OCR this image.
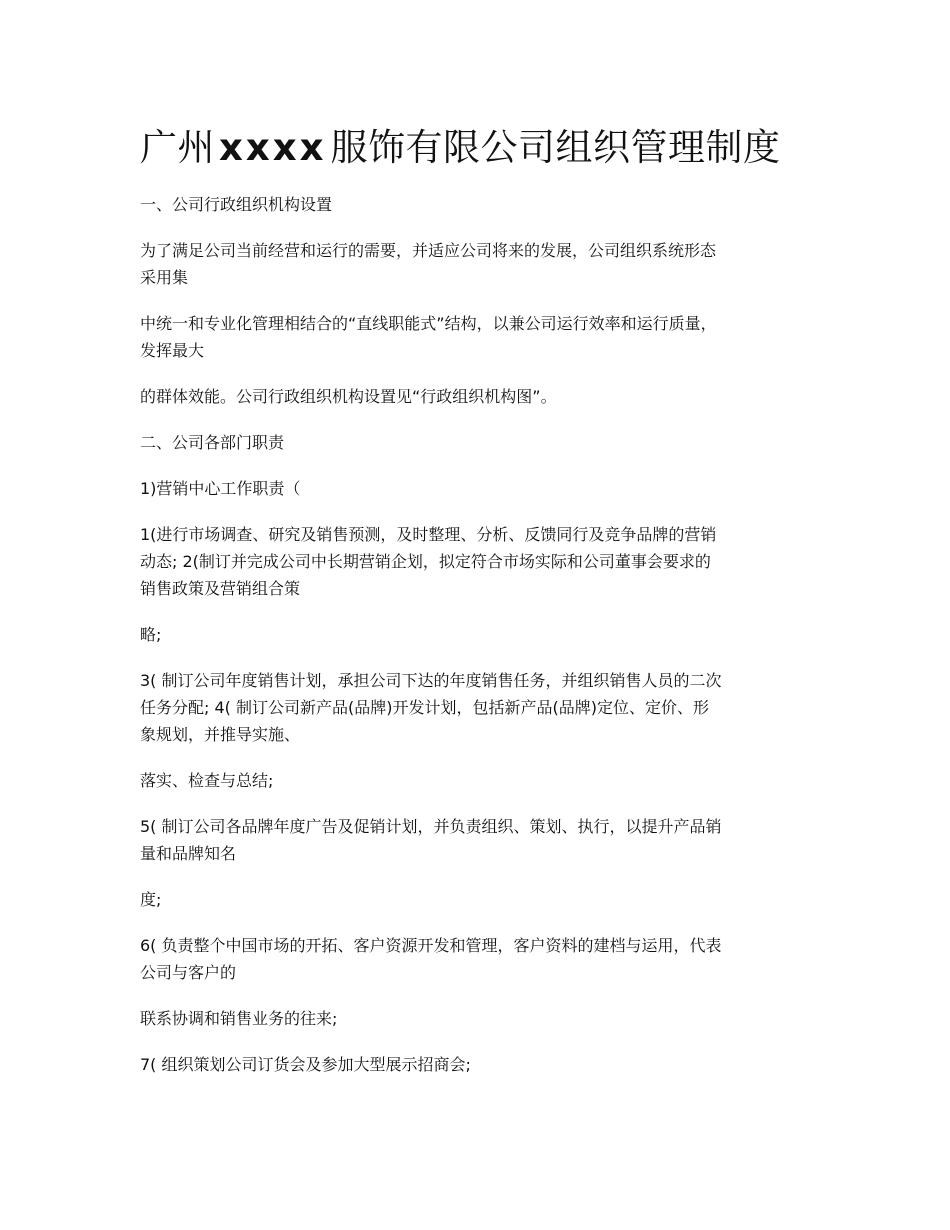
广州 xxxx 服饰有限公司组织管理制度

一、公司行政组织机构设置

为了满足公司当前经营和运行的需要，并适应公司将来的发展，公司组织系统形态
采用集

中统一和专业化管理相结合的“直线职能式”结构，以兼公司运行效率和运行质量，
发挥最大

的群体效能。公司行政组织机构设置见“行政组织机构图”。

二、公司各部门职责

1)营销中心工作职责（

1(进行市场调查、研究及销售预测，及时整理、分析、反馈同行及竞争品牌的营销
动态; 2(制订并完成公司中长期营销企划，拟定符合市场实际和公司董事会要求的
销售政策及营销组合策

略;

3( 制订公司年度销售计划，承担公司下达的年度销售任务，并组织销售人员的二次
任务分配; 4( 制订公司新产品(品牌)开发计划，包括新产品(品牌)定位、定价、形
象规划，并推导实施、

落实、检查与总结;

5( 制订公司各品牌年度广告及促销计划，并负责组织、策划、执行，以提升产品销
量和品牌知名

度;

6( 负责整个中国市场的开拓、客户资源开发和管理，客户资料的建档与运用，代表
公司与客户的

联系协调和销售业务的往来;

7( 组织策划公司订货会及参加大型展示招商会;
